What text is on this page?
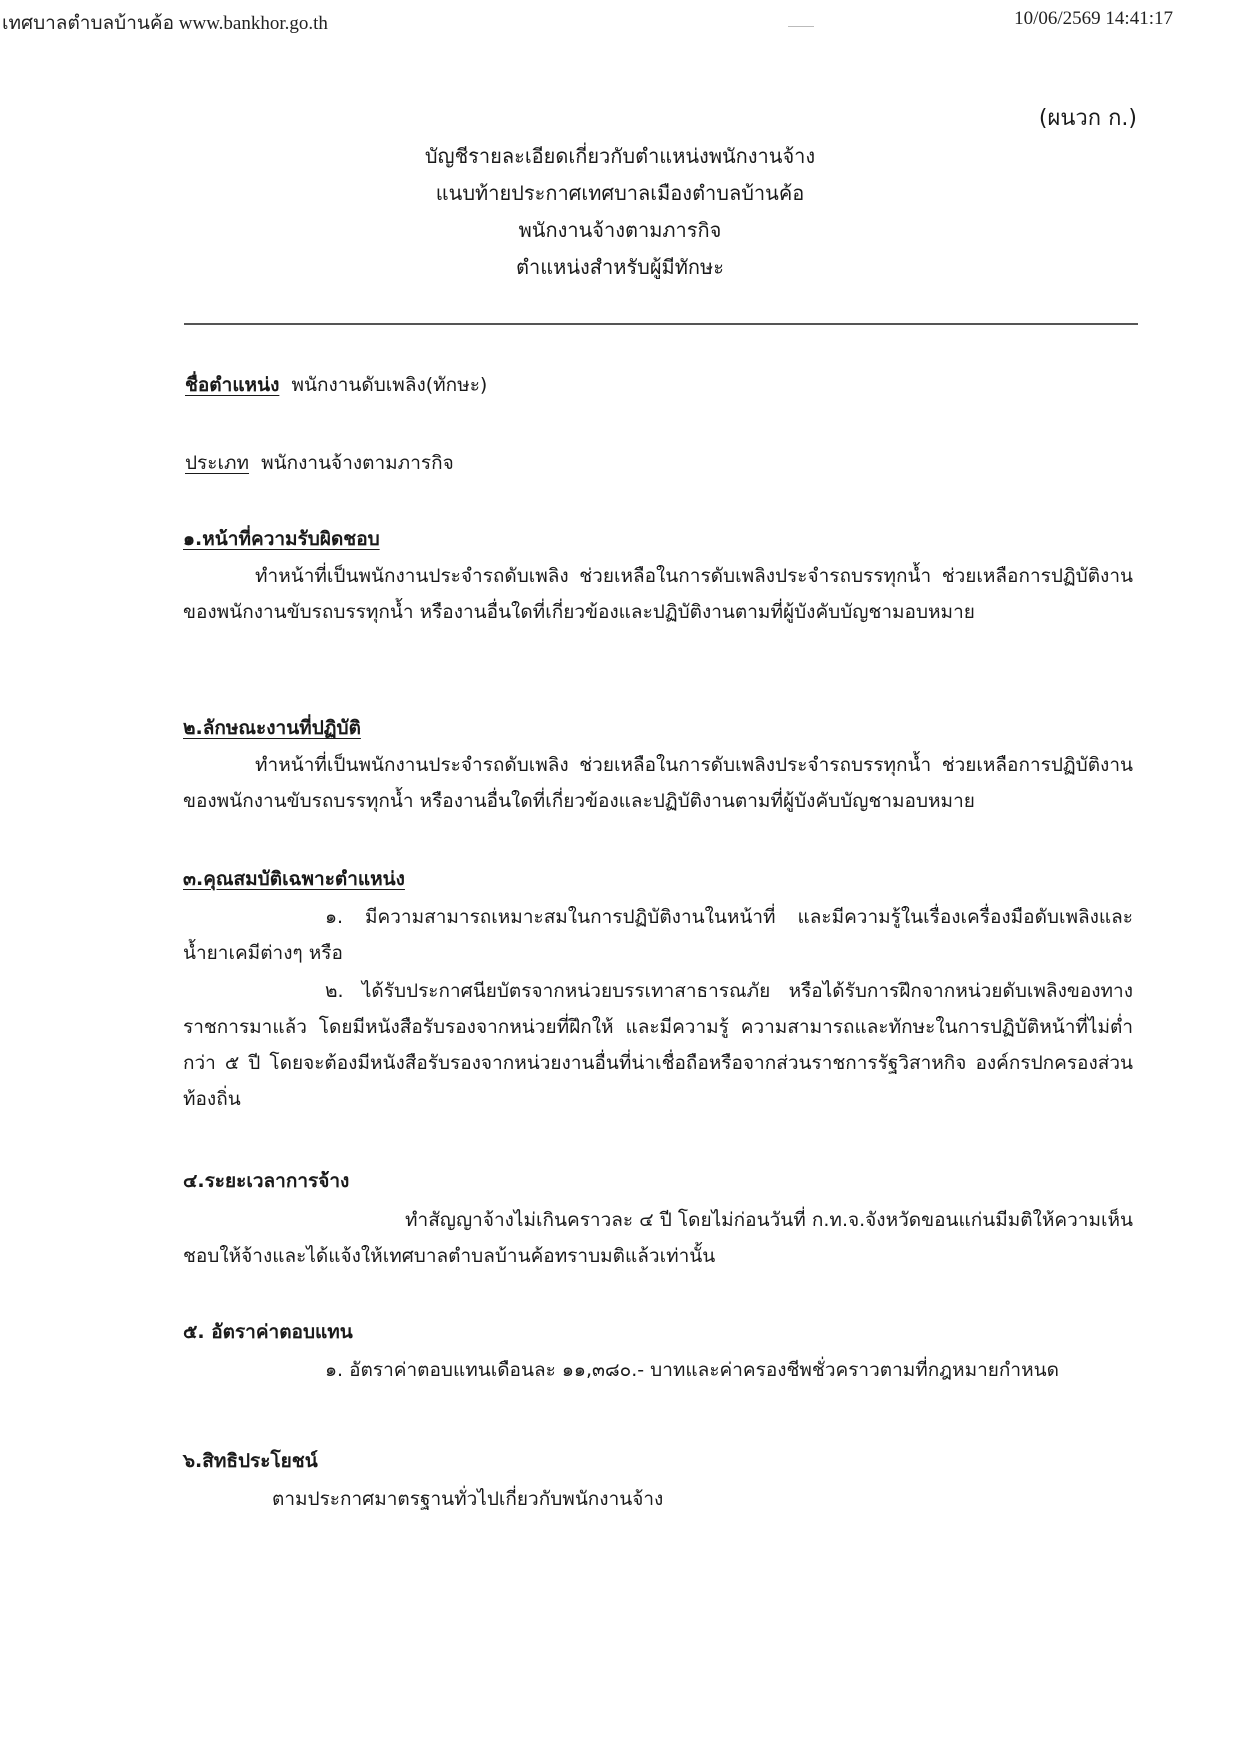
เทศบาลตำบลบ้านค้อ www.bankhor.go.th	10/06/2569 14:41:17
(ผนวก ก.)
บัญชีรายละเอียดเกี่ยวกับตำแหน่งพนักงานจ้าง
แนบท้ายประกาศเทศบาลเมืองตำบลบ้านค้อ
พนักงานจ้างตามภารกิจ
ตำแหน่งสำหรับผู้มีทักษะ
ชื่อตำแหน่ง พนักงานดับเพลิง(ทักษะ)
ประเภท พนักงานจ้างตามภารกิจ
๑.หน้าที่ความรับผิดชอบ
ทำหน้าที่เป็นพนักงานประจำรถดับเพลิง ช่วยเหลือในการดับเพลิงประจำรถบรรทุกน้ำ ช่วยเหลือการปฏิบัติงานของพนักงานขับรถบรรทุกน้ำ หรืองานอื่นใดที่เกี่ยวข้องและปฏิบัติงานตามที่ผู้บังคับบัญชามอบหมาย
๒.ลักษณะงานที่ปฏิบัติ
ทำหน้าที่เป็นพนักงานประจำรถดับเพลิง ช่วยเหลือในการดับเพลิงประจำรถบรรทุกน้ำ ช่วยเหลือการปฏิบัติงานของพนักงานขับรถบรรทุกน้ำ หรืองานอื่นใดที่เกี่ยวข้องและปฏิบัติงานตามที่ผู้บังคับบัญชามอบหมาย
๓.คุณสมบัติเฉพาะตำแหน่ง
๑. มีความสามารถเหมาะสมในการปฏิบัติงานในหน้าที่ และมีความรู้ในเรื่องเครื่องมือดับเพลิงและน้ำยาเคมีต่างๆ หรือ
๒. ได้รับประกาศนียบัตรจากหน่วยบรรเทาสาธารณภัย หรือได้รับการฝึกจากหน่วยดับเพลิงของทางราชการมาแล้ว โดยมีหนังสือรับรองจากหน่วยที่ฝึกให้ และมีความรู้ ความสามารถและทักษะในการปฏิบัติหน้าที่ไม่ต่ำกว่า ๕ ปี โดยจะต้องมีหนังสือรับรองจากหน่วยงานอื่นที่น่าเชื่อถือหรือจากส่วนราชการรัฐวิสาหกิจ องค์กรปกครองส่วนท้องถิ่น
๔.ระยะเวลาการจ้าง
ทำสัญญาจ้างไม่เกินคราวละ ๔ ปี โดยไม่ก่อนวันที่ ก.ท.จ.จังหวัดขอนแก่นมีมติให้ความเห็นชอบให้จ้างและได้แจ้งให้เทศบาลตำบลบ้านค้อทราบมติแล้วเท่านั้น
๕. อัตราค่าตอบแทน
๑. อัตราค่าตอบแทนเดือนละ ๑๑,๓๘๐.- บาทและค่าครองชีพชั่วคราวตามที่กฎหมายกำหนด
๖.สิทธิประโยชน์
ตามประกาศมาตรฐานทั่วไปเกี่ยวกับพนักงานจ้าง
